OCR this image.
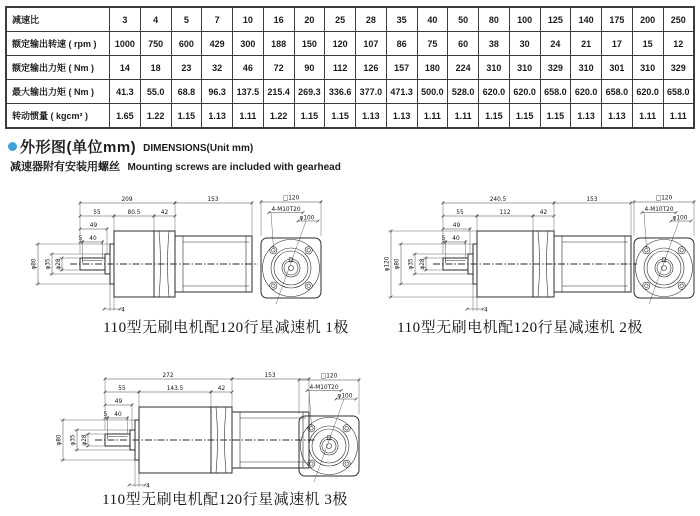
减速比	3	4	5	7	10	16	20	25	28	35	40	50	80	100	125	140	175	200	250
额定输出转速 ( rpm )	1000	750	600	429	300	188	150	120	107	86	75	60	38	30	24	21	17	15	12
额定输出力矩 ( Nm )	14	18	23	32	46	72	90	112	126	157	180	224	310	310	329	310	301	310	329
最大输出力矩 ( Nm )	41.3	55.0	68.8	96.3	137.5	215.4	269.3	336.6	377.0	471.3	500.0	528.0	620.0	620.0	658.0	620.0	658.0	620.0	658.0
转动惯量 ( kgcm² )	1.65	1.22	1.15	1.13	1.11	1.22	1.15	1.15	1.13	1.13	1.11	1.11	1.15	1.15	1.15	1.13	1.13	1.11	1.11
外形图(单位mm) DIMENSIONS(Unit mm)
减速器附有安装用螺丝 Mounting screws are included with gearhead
209	153
55	80.5	42
49
5 40
4
φ80 φ35 φ28
□120
4-M10T20
φ100
110型无刷电机配120行星减速机 1极
240.5	153
55	112	42
49
5 40
4
φ120 φ80 φ35 φ28
□120
4-M10T20
φ100
110型无刷电机配120行星减速机 2极
272	153
55	143.5	42
49
5 40
4
φ80 φ35 φ28
□120
4-M10T20
φ100
110型无刷电机配120行星减速机 3极
